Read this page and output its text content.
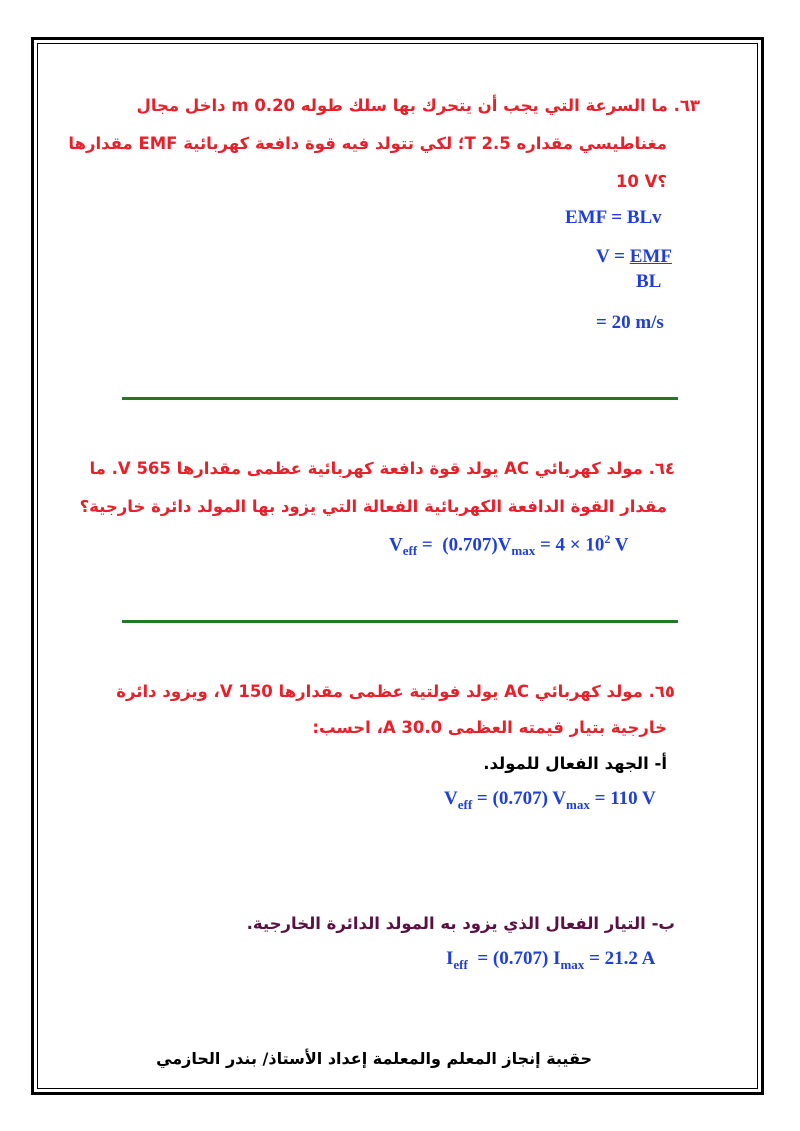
٦٣. ما السرعة التي يجب أن يتحرك بها سلك طوله 0.20 m داخل مجال
مغناطيسي مقداره 2.5 T؛ لكي تتولد فيه قوة دافعة كهربائية EMF مقدارها
10 V؟
EMF = BLv
V = EMF
BL
= 20 m/s
٦٤. مولد كهربائي AC يولد قوة دافعة كهربائية عظمى مقدارها 565 V. ما
مقدار القوة الدافعة الكهربائية الفعالة التي يزود بها المولد دائرة خارجية؟
$V_{eff} = (0.707)V_{max} = 4 \times 10^2$ V
٦٥. مولد كهربائي AC يولد فولتية عظمى مقدارها 150 V، ويزود دائرة
خارجية بتيار قيمته العظمى 30.0 A، احسب:
أ- الجهد الفعال للمولد.
$V_{eff} = (0.707) V_{max} = 110$ V
ب- التيار الفعال الذي يزود به المولد الدائرة الخارجية.
$I_{eff} = (0.707) I_{max} = 21.2$ A
حقيبة إنجاز المعلم والمعلمة إعداد الأستاذ/ بندر الحازمي
